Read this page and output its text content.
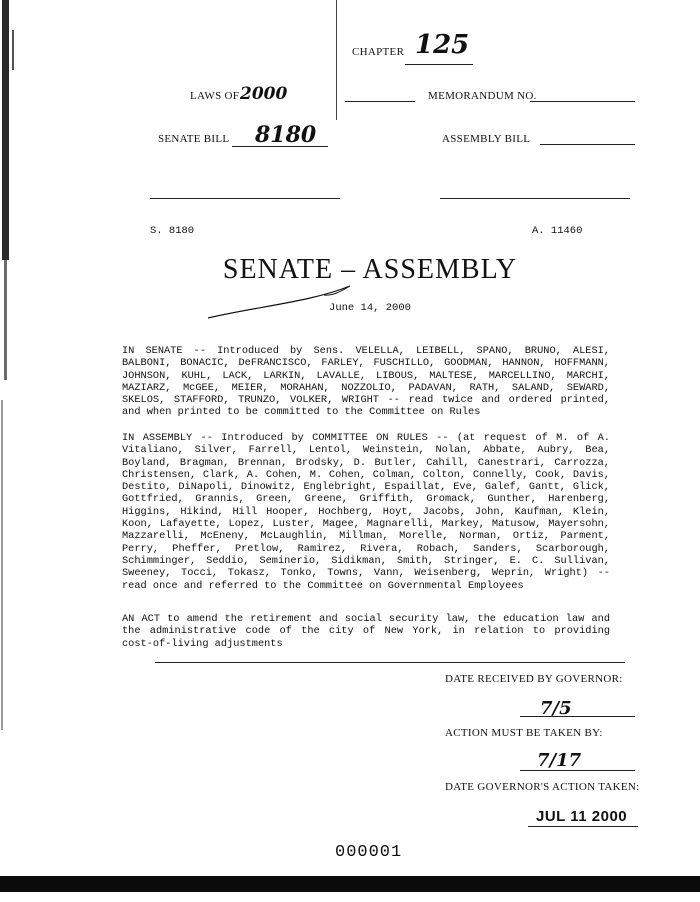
CHAPTER 125
LAWS OF 2000	MEMORANDUM NO.
SENATE BILL 8180	ASSEMBLY BILL
S. 8180	A. 11460
SENATE – ASSEMBLY
June 14, 2000
IN SENATE -- Introduced by Sens. VELELLA, LEIBELL, SPANO, BRUNO, ALESI, BALBONI, BONACIC, DeFRANCISCO, FARLEY, FUSCHILLO, GOODMAN, HANNON, HOFFMANN, JOHNSON, KUHL, LACK, LARKIN, LAVALLE, LIBOUS, MALTESE, MARCELLINO, MARCHI, MAZIARZ, McGEE, MEIER, MORAHAN, NOZZOLIO, PADAVAN, RATH, SALAND, SEWARD, SKELOS, STAFFORD, TRUNZO, VOLKER, WRIGHT -- read twice and ordered printed, and when printed to be committed to the Committee on Rules
IN ASSEMBLY -- Introduced by COMMITTEE ON RULES -- (at request of M. of A. Vitaliano, Silver, Farrell, Lentol, Weinstein, Nolan, Abbate, Aubry, Bea, Boyland, Bragman, Brennan, Brodsky, D. Butler, Cahill, Canestrari, Carrozza, Christensen, Clark, A. Cohen, M. Cohen, Colman, Colton, Connelly, Cook, Davis, Destito, DiNapoli, Dinowitz, Englebright, Espaillat, Eve, Galef, Gantt, Glick, Gottfried, Grannis, Green, Greene, Griffith, Gromack, Gunther, Harenberg, Higgins, Hikind, Hill Hooper, Hochberg, Hoyt, Jacobs, John, Kaufman, Klein, Koon, Lafayette, Lopez, Luster, Magee, Magnarelli, Markey, Matusow, Mayersohn, Mazzarelli, McEneny, McLaughlin, Millman, Morelle, Norman, Ortiz, Parment, Perry, Pheffer, Pretlow, Ramirez, Rivera, Robach, Sanders, Scarborough, Schimminger, Seddio, Seminerio, Sidikman, Smith, Stringer, E. C. Sullivan, Sweeney, Tocci, Tokasz, Tonko, Towns, Vann, Weisenberg, Weprin, Wright) -- read once and referred to the Committee on Governmental Employees
AN ACT to amend the retirement and social security law, the education law and the administrative code of the city of New York, in relation to providing cost-of-living adjustments
DATE RECEIVED BY GOVERNOR:
7/5
ACTION MUST BE TAKEN BY:
7/17
DATE GOVERNOR'S ACTION TAKEN:
JUL 11 2000
000001
